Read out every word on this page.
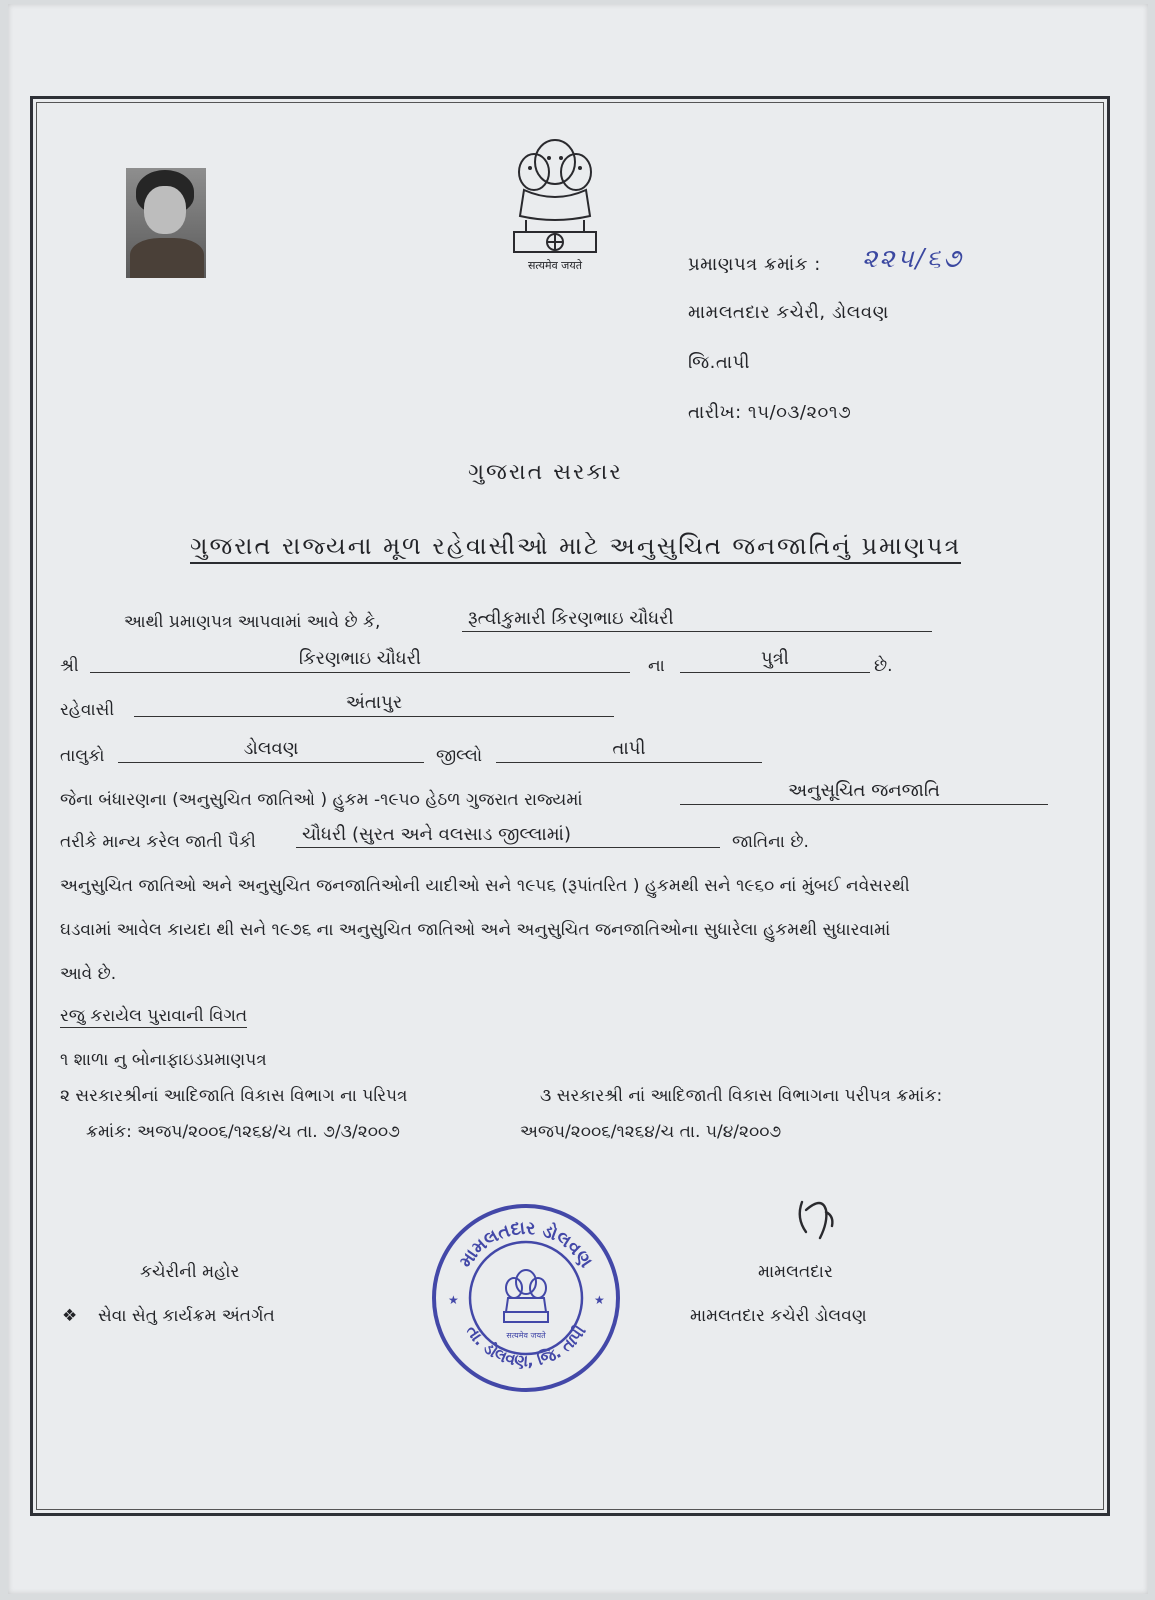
सत्यमेव जयते	પ્રમાણપત્ર ક્રમાંક : ૨૨૫/૬૭
મામલતદાર કચેરી, ડોલવણ
જિ.તાપી
તારીખ: ૧૫/૦૩/૨૦૧૭
ગુજરાત સરકાર
ગુજરાત રાજ્યના મૂળ રહેવાસીઓ માટે અનુસુચિત જનજાતિનું પ્રમાણપત્ર
આથી પ્રમાણપત્ર આપવામાં આવે છે કે,	રૂત્વીકુમારી કિરણભાઇ ચૌધરી
શ્રી	કિરણભાઇ ચૌધરી	ના	પુત્રી	છે.
રહેવાસી	અંતાપુર
તાલુકો	ડોલવણ	જીલ્લો	તાપી
જેના બંધારણના (અનુસુચિત જાતિઓ ) હુકમ -૧૯૫૦ હેઠળ ગુજરાત રાજ્યમાં	અનુસૂચિત જનજાતિ
તરીકે માન્ય કરેલ જાતી પૈકી	ચૌધરી (સુરત અને વલસાડ જીલ્લામાં)	જાતિના છે.
અનુસુચિત જાતિઓ અને અનુસુચિત જનજાતિઓની યાદીઓ સને ૧૯૫૬ (રૂપાંતરિત ) હુકમથી સને ૧૯૬૦ નાં મુંબઈ નવેસરથી
ઘડવામાં આવેલ કાયદા થી સને ૧૯૭૬ ના અનુસુચિત જાતિઓ અને અનુસુચિત જનજાતિઓના સુધારેલા હુકમથી સુધારવામાં
આવે છે.
રજુ કરાયેલ પુરાવાની વિગત
૧ શાળા નુ બોનાફાઇડપ્રમાણપત્ર
૨ સરકારશ્રીનાં આદિજાતિ વિકાસ વિભાગ ના પરિપત્ર	૩ સરકારશ્રી નાં આદિજાતી વિકાસ વિભાગના પરીપત્ર ક્રમાંક:
ક્રમાંક: અજપ/૨૦૦૬/૧૨૬૪/ચ તા. ૭/૩/૨૦૦૭	અજપ/૨૦૦૬/૧૨૬૪/ચ તા. ૫/૪/૨૦૦૭
કચેરીની મહોર
❖ સેવા સેતુ કાર્યક્રમ અંતર્ગત
મામલતદાર
મામલતદાર કચેરી ડોલવણ
મામલતદાર ડોલવણ
તા. ડોલવણ, જિ. તાપી
सत्यमेव जयते
★	★
